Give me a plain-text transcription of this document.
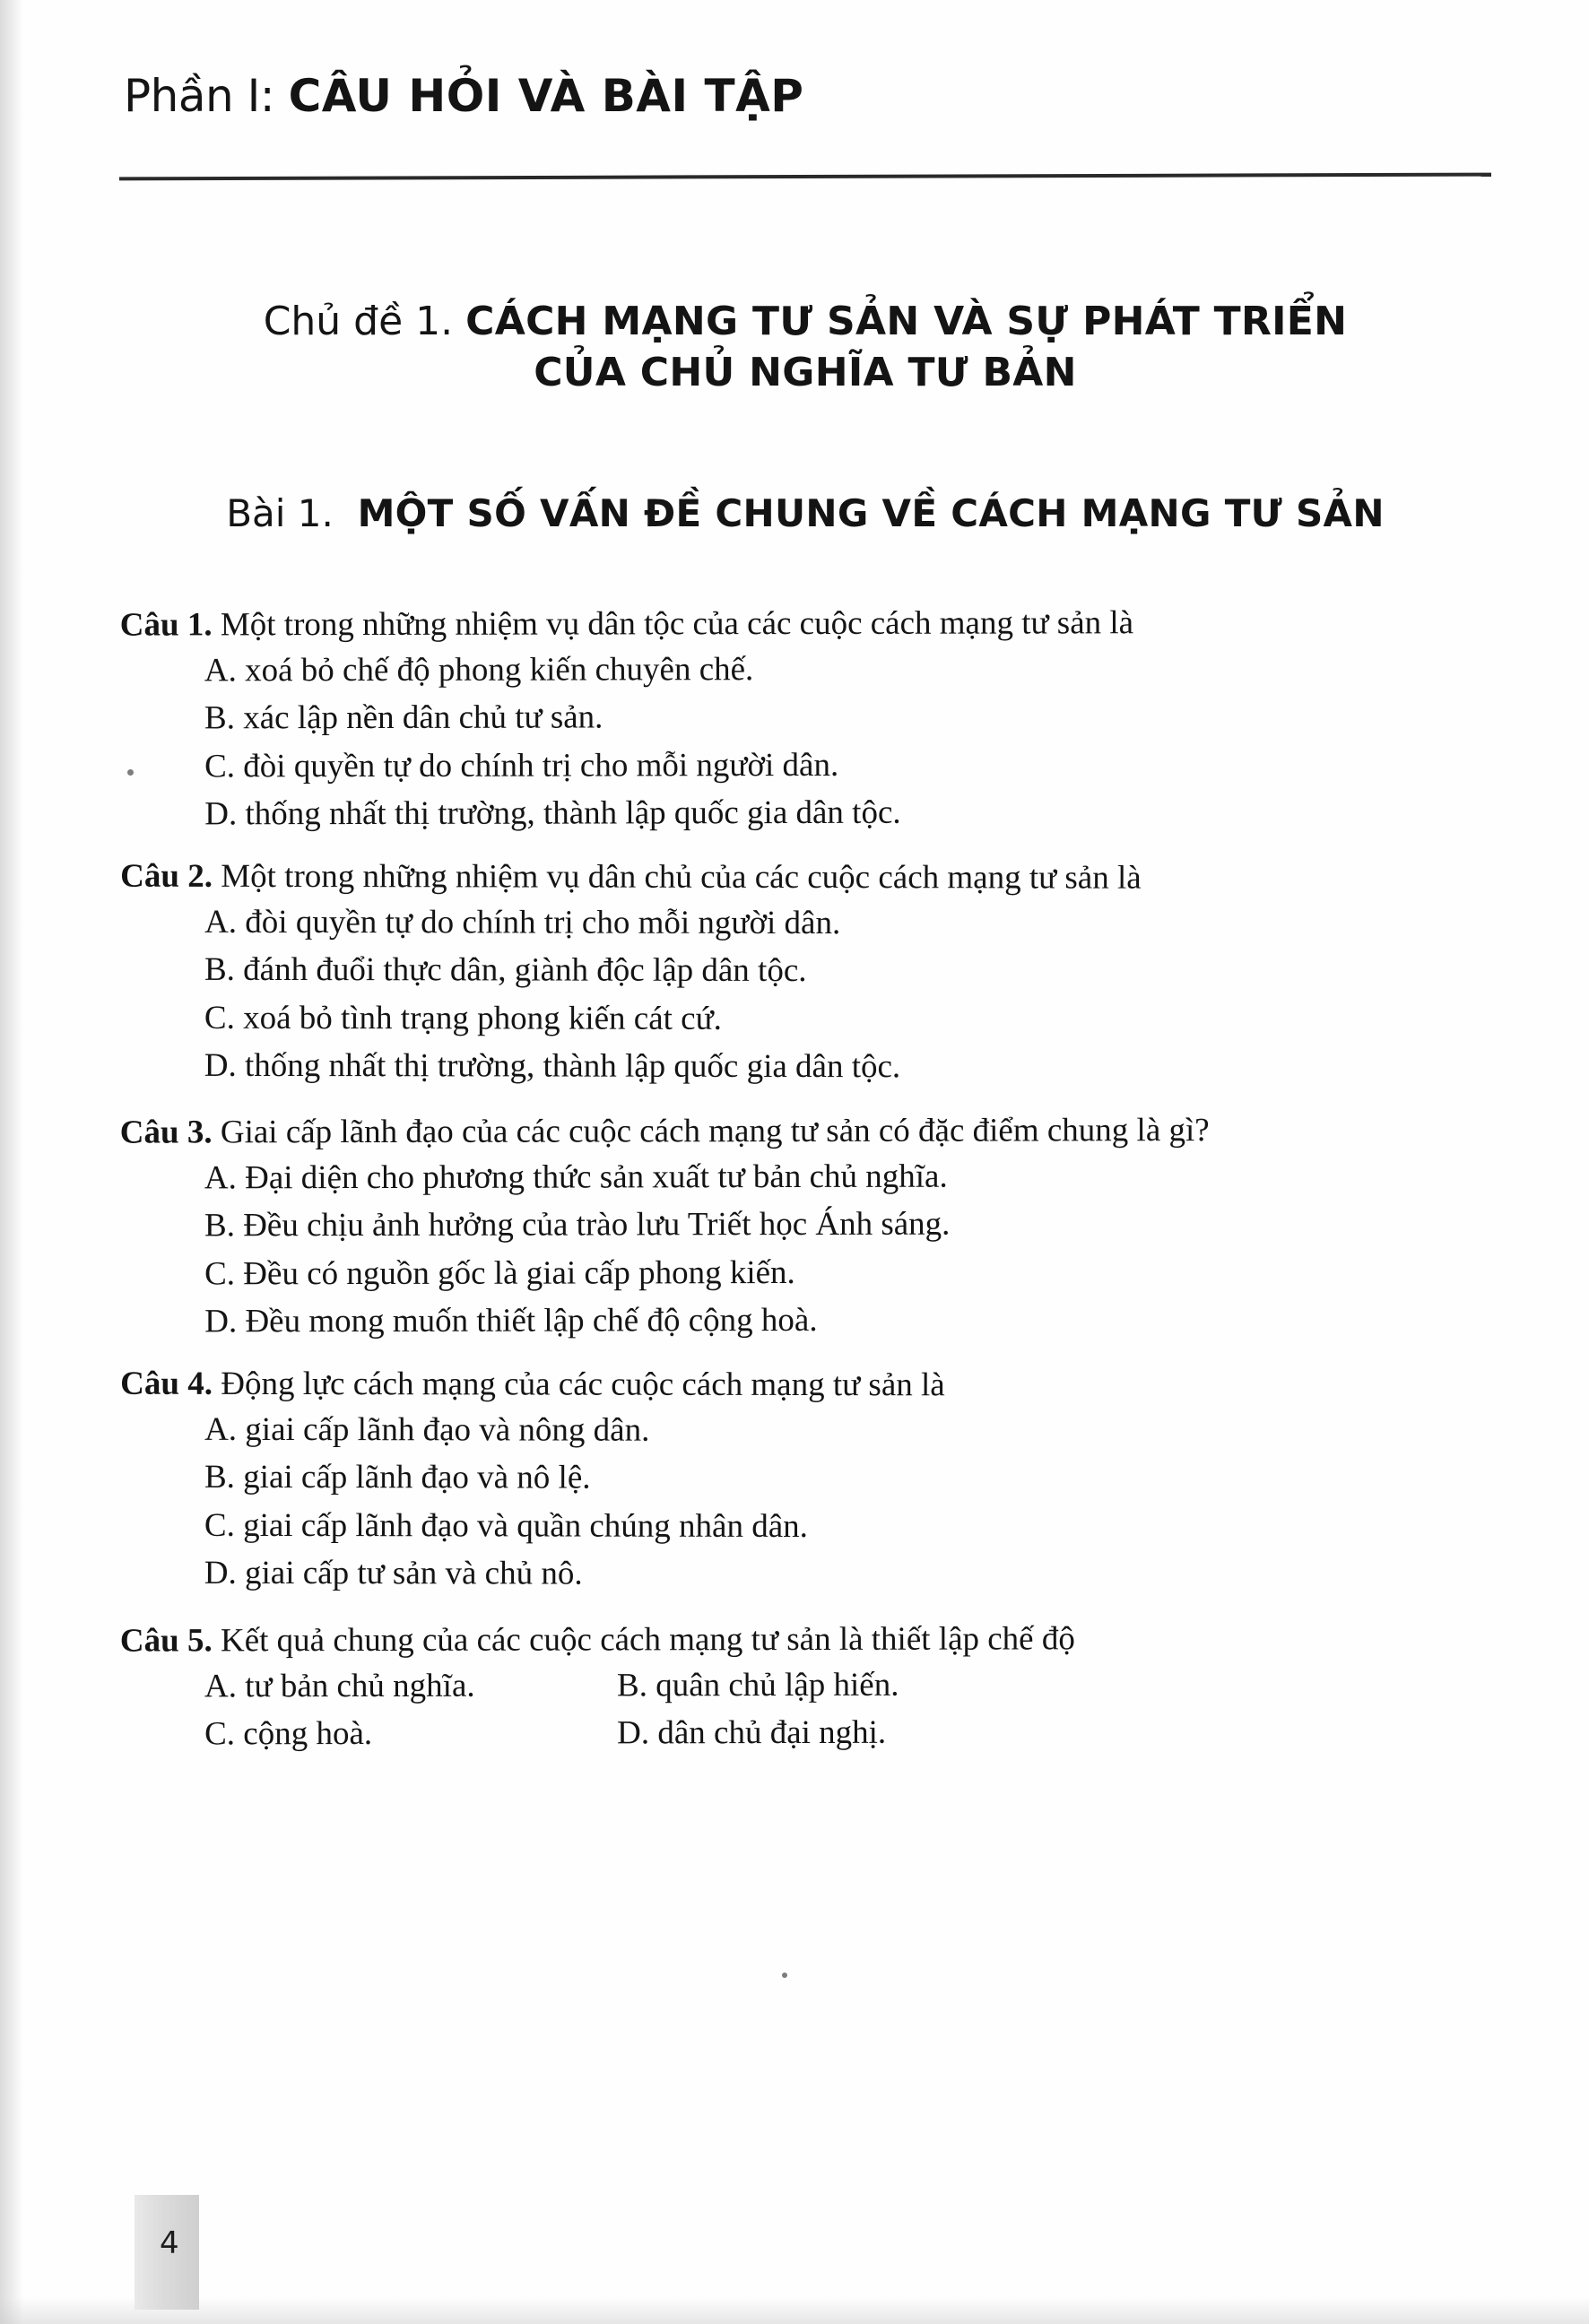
Phần I: CÂU HỎI VÀ BÀI TẬP
Chủ đề 1. CÁCH MẠNG TƯ SẢN VÀ SỰ PHÁT TRIỂN
CỦA CHỦ NGHĨA TƯ BẢN
Bài 1. MỘT SỐ VẤN ĐỀ CHUNG VỀ CÁCH MẠNG TƯ SẢN
Câu 1. Một trong những nhiệm vụ dân tộc của các cuộc cách mạng tư sản là
A. xoá bỏ chế độ phong kiến chuyên chế.
B. xác lập nền dân chủ tư sản.
C. đòi quyền tự do chính trị cho mỗi người dân.
D. thống nhất thị trường, thành lập quốc gia dân tộc.
Câu 2. Một trong những nhiệm vụ dân chủ của các cuộc cách mạng tư sản là
A. đòi quyền tự do chính trị cho mỗi người dân.
B. đánh đuổi thực dân, giành độc lập dân tộc.
C. xoá bỏ tình trạng phong kiến cát cứ.
D. thống nhất thị trường, thành lập quốc gia dân tộc.
Câu 3. Giai cấp lãnh đạo của các cuộc cách mạng tư sản có đặc điểm chung là gì?
A. Đại diện cho phương thức sản xuất tư bản chủ nghĩa.
B. Đều chịu ảnh hưởng của trào lưu Triết học Ánh sáng.
C. Đều có nguồn gốc là giai cấp phong kiến.
D. Đều mong muốn thiết lập chế độ cộng hoà.
Câu 4. Động lực cách mạng của các cuộc cách mạng tư sản là
A. giai cấp lãnh đạo và nông dân.
B. giai cấp lãnh đạo và nô lệ.
C. giai cấp lãnh đạo và quần chúng nhân dân.
D. giai cấp tư sản và chủ nô.
Câu 5. Kết quả chung của các cuộc cách mạng tư sản là thiết lập chế độ
A. tư bản chủ nghĩa.	B. quân chủ lập hiến.
C. cộng hoà.	D. dân chủ đại nghị.
4
